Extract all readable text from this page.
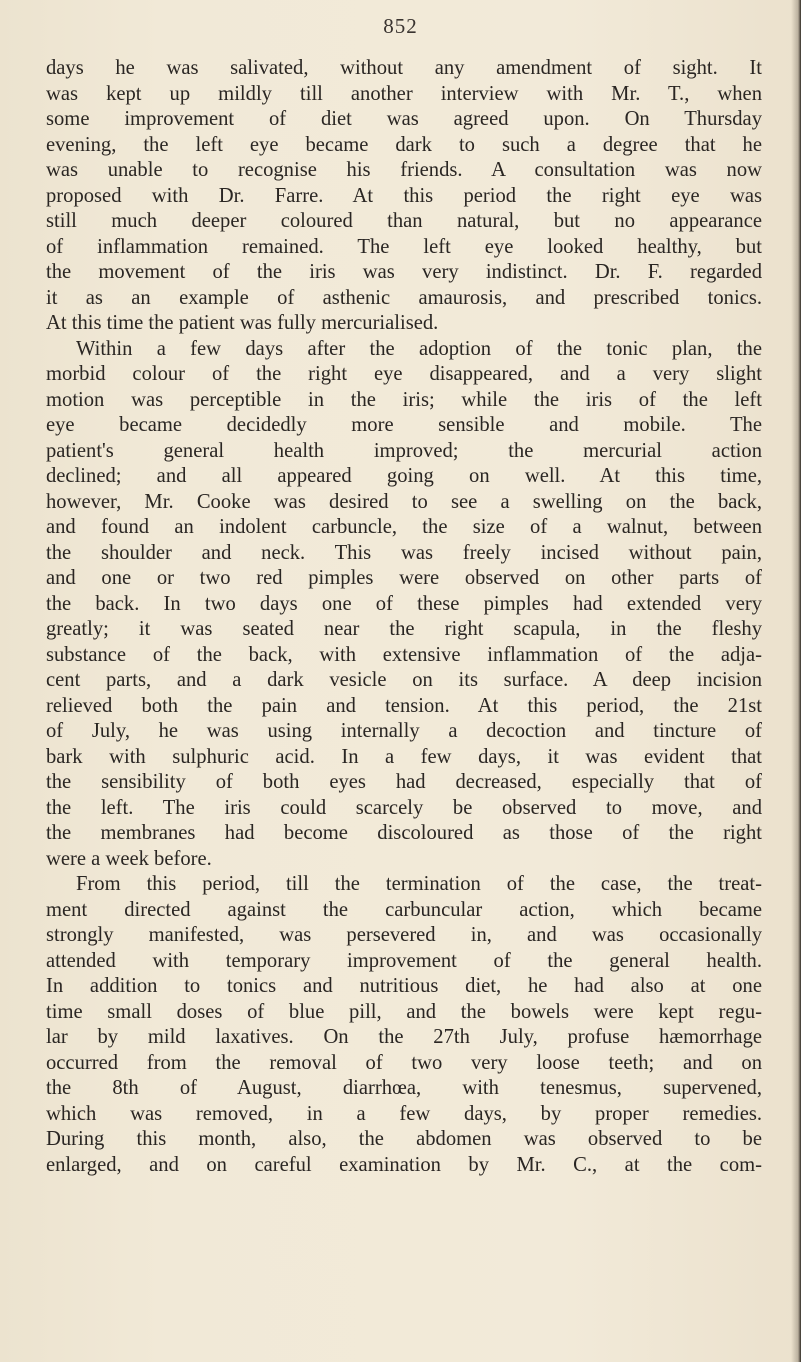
852
days he was salivated, without any amendment of sight. It
was kept up mildly till another interview with Mr. T., when
some improvement of diet was agreed upon. On Thursday
evening, the left eye became dark to such a degree that he
was unable to recognise his friends. A consultation was now
proposed with Dr. Farre. At this period the right eye was
still much deeper coloured than natural, but no appearance
of inflammation remained. The left eye looked healthy, but
the movement of the iris was very indistinct. Dr. F. regarded
it as an example of asthenic amaurosis, and prescribed tonics.
At this time the patient was fully mercurialised.
Within a few days after the adoption of the tonic plan, the
morbid colour of the right eye disappeared, and a very slight
motion was perceptible in the iris; while the iris of the left
eye became decidedly more sensible and mobile. The
patient's general health improved; the mercurial action
declined; and all appeared going on well. At this time,
however, Mr. Cooke was desired to see a swelling on the back,
and found an indolent carbuncle, the size of a walnut, between
the shoulder and neck. This was freely incised without pain,
and one or two red pimples were observed on other parts of
the back. In two days one of these pimples had extended very
greatly; it was seated near the right scapula, in the fleshy
substance of the back, with extensive inflammation of the adja-
cent parts, and a dark vesicle on its surface. A deep incision
relieved both the pain and tension. At this period, the 21st
of July, he was using internally a decoction and tincture of
bark with sulphuric acid. In a few days, it was evident that
the sensibility of both eyes had decreased, especially that of
the left. The iris could scarcely be observed to move, and
the membranes had become discoloured as those of the right
were a week before.
From this period, till the termination of the case, the treat-
ment directed against the carbuncular action, which became
strongly manifested, was persevered in, and was occasionally
attended with temporary improvement of the general health.
In addition to tonics and nutritious diet, he had also at one
time small doses of blue pill, and the bowels were kept regu-
lar by mild laxatives. On the 27th July, profuse hæmorrhage
occurred from the removal of two very loose teeth; and on
the 8th of August, diarrhœa, with tenesmus, supervened,
which was removed, in a few days, by proper remedies.
During this month, also, the abdomen was observed to be
enlarged, and on careful examination by Mr. C., at the com-
